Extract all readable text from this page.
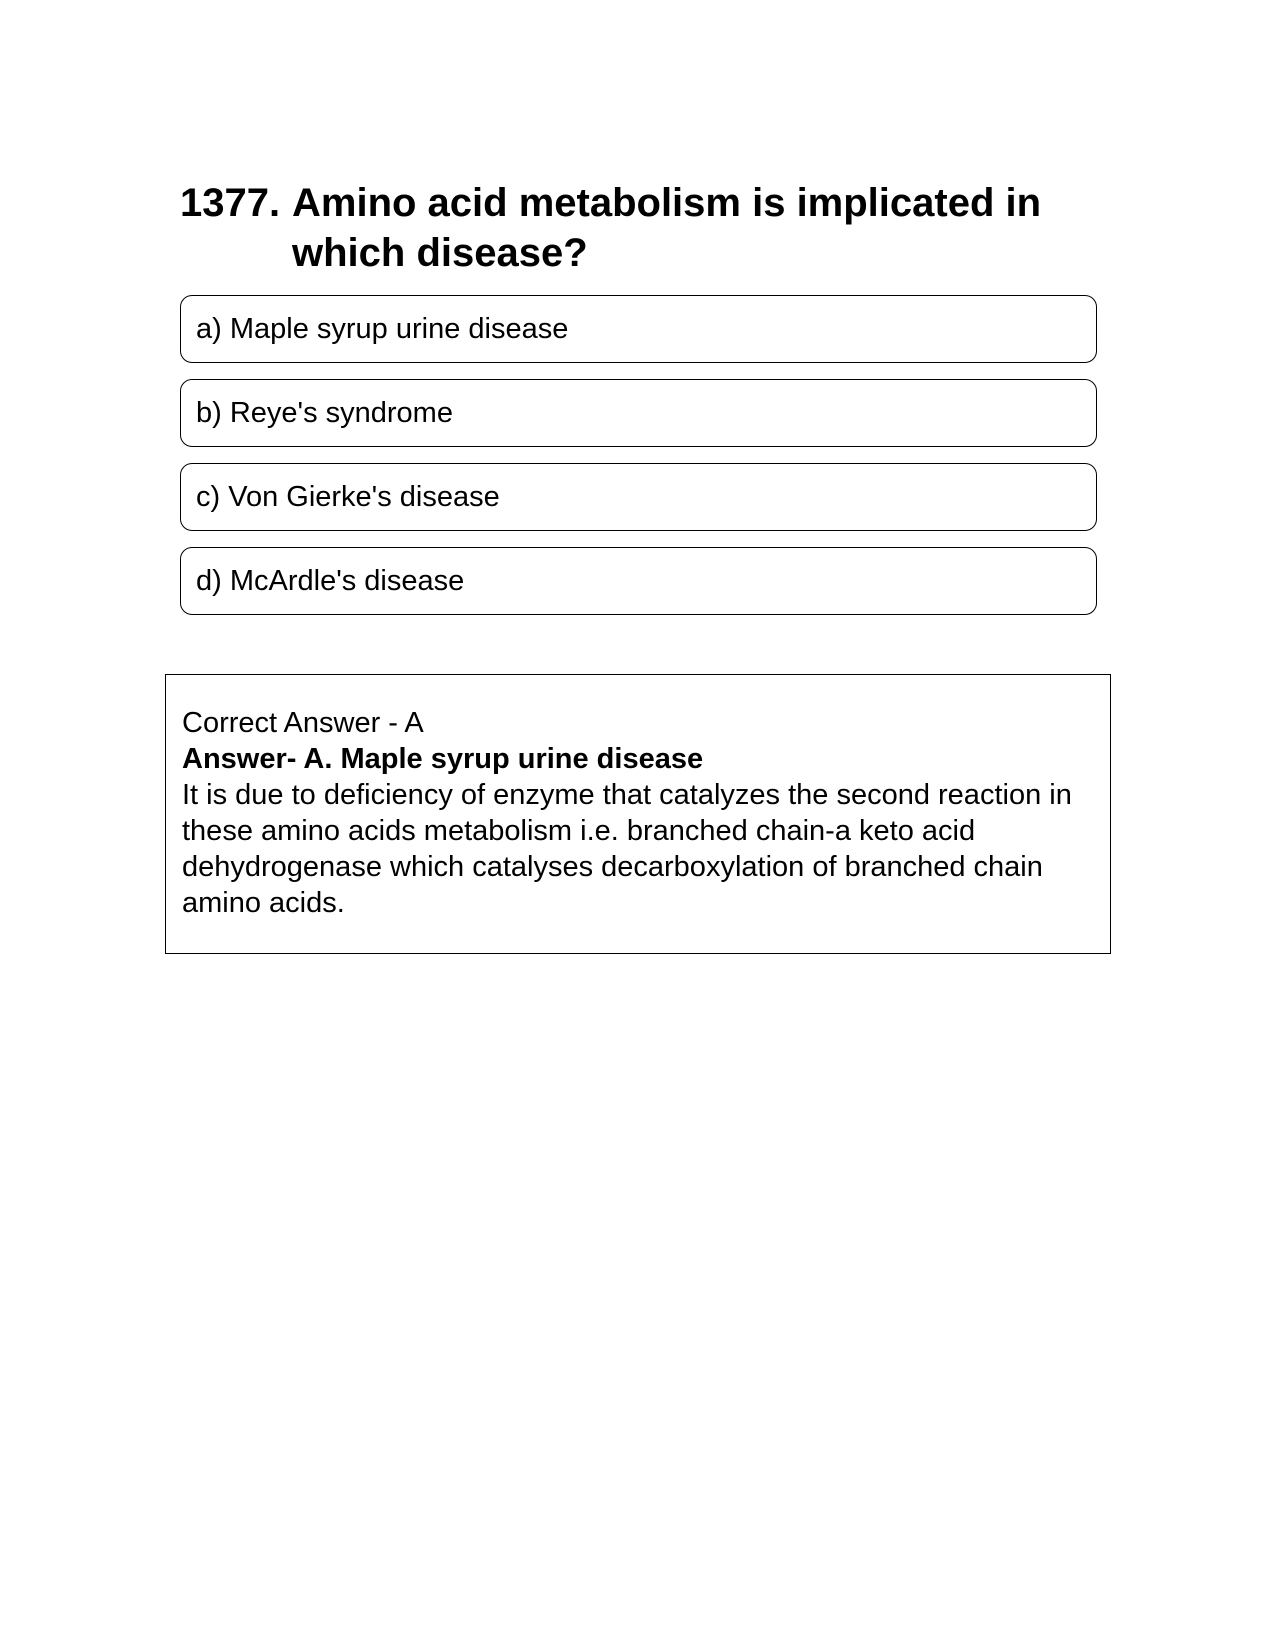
1377. Amino acid metabolism is implicated in which disease?
a) Maple syrup urine disease
b) Reye's syndrome
c) Von Gierke's disease
d) McArdle's disease
Correct Answer - A
Answer- A. Maple syrup urine disease
It is due to deficiency of enzyme that catalyzes the second reaction in these amino acids metabolism i.e. branched chain-a keto acid dehydrogenase which catalyses decarboxylation of branched chain amino acids.
